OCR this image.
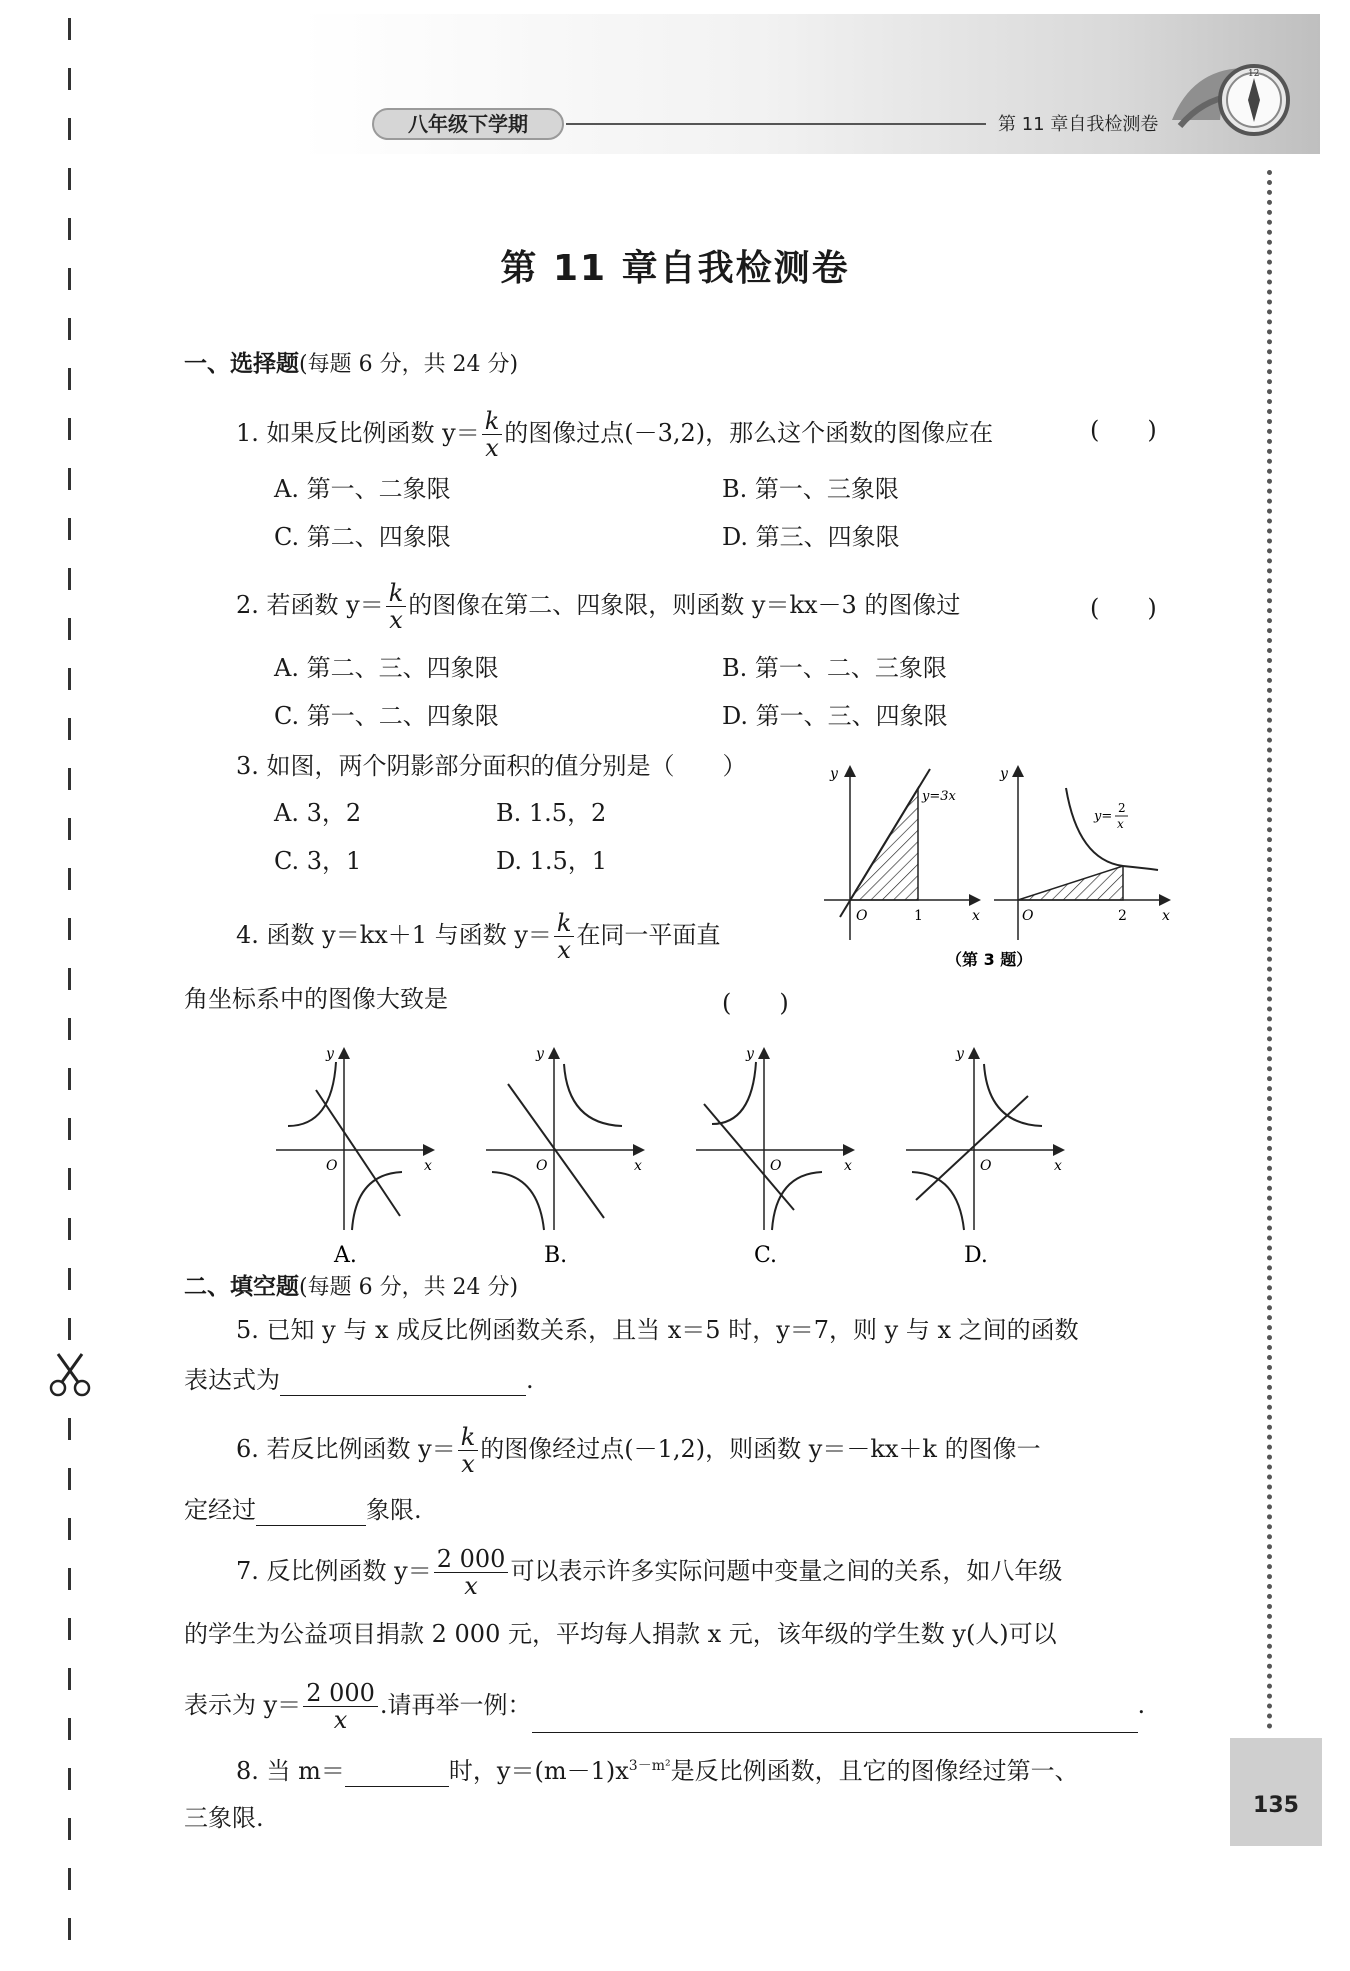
八年级下学期	第 11 章自我检测卷
12
135
第 11 章自我检测卷
一、选择题(每题 6 分，共 24 分)
1. 如果反比例函数 $y= \frac{k}{x}$ 的图像过点(－3,2)，那么这个函数的图像应在	(　　)
A. 第一、二象限	B. 第一、三象限
C. 第二、四象限	D. 第三、四象限
2. 若函数 $y= \frac{k}{x}$ 的图像在第二、四象限，则函数 y＝kx－3 的图像过	(　　)
A. 第二、三、四象限	B. 第一、二、三象限
C. 第一、二、四象限	D. 第一、三、四象限
3. 如图，两个阴影部分面积的值分别是（　　）
A. 3，2	B. 1.5，2
C. 3，1	D. 1.5，1
y
x
O	1
y=3x
y
x
O	2
y=
2
x
（第 3 题）
4. 函数 y＝kx＋1 与函数 $y= \frac{k}{x}$ 在同一平面直
角坐标系中的图像大致是	(　　)
y
x
O
A.
y
x
O
B.
y
x
O
C.
y
x
O
D.
二、填空题(每题 6 分，共 24 分)
5. 已知 y 与 x 成反比例函数关系，且当 x＝5 时，y＝7，则 y 与 x 之间的函数
表达式为	.
6. 若反比例函数 $y= \frac{k}{x}$ 的图像经过点(－1,2)，则函数 y＝－kx＋k 的图像一
定经过	象限.
7. 反比例函数 $y= \frac{2 000}{x}$ 可以表示许多实际问题中变量之间的关系，如八年级
的学生为公益项目捐款 2 000 元，平均每人捐款 x 元，该年级的学生数 y(人)可以
表示为 $y= \frac{2 000}{x}$ .请再举一例：	.
8. 当 m＝	时，$y=(m-1)x^{3-m^2}$是反比例函数，且它的图像经过第一、
三象限.
